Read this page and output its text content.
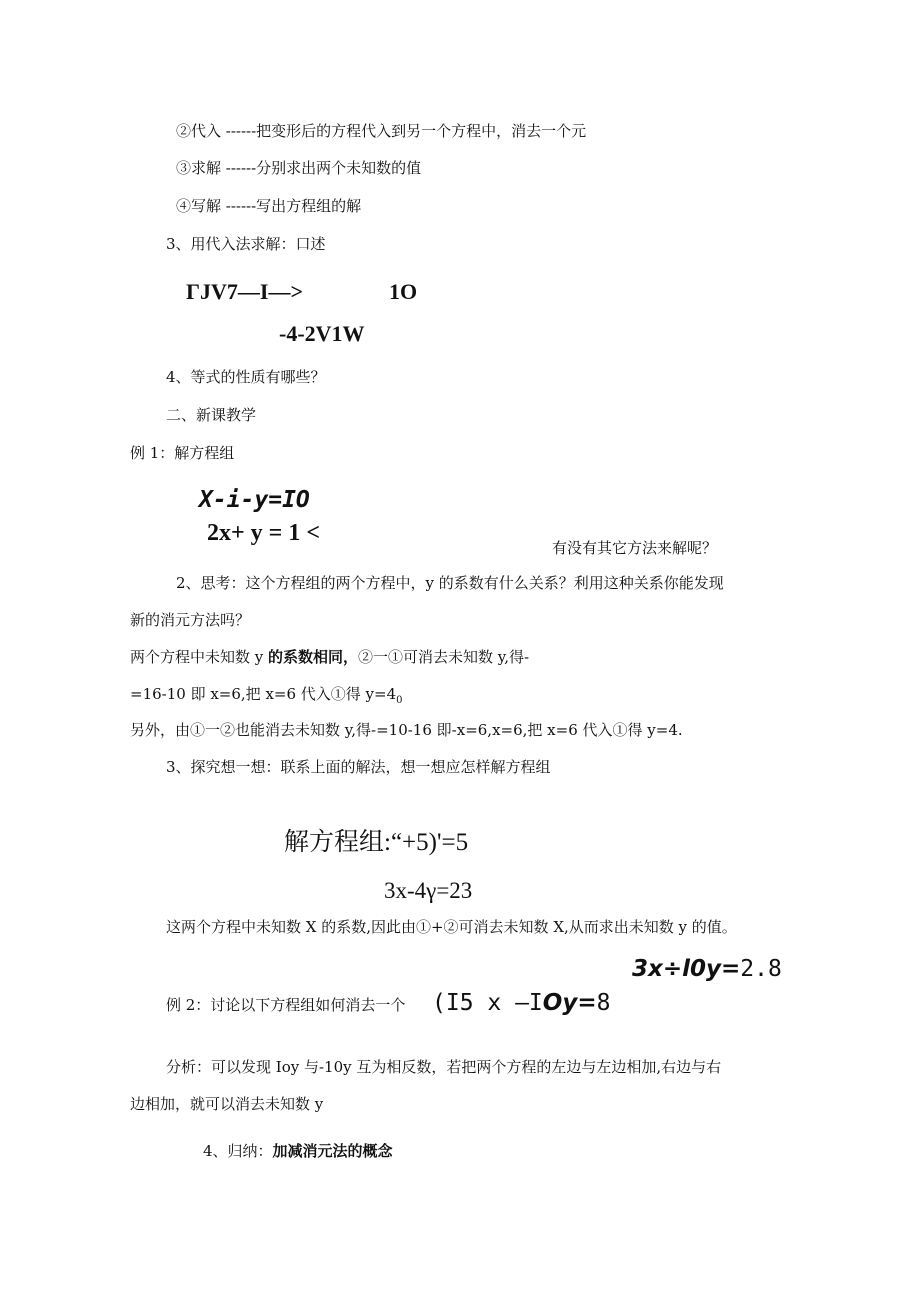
②代入 ------把变形后的方程代入到另一个方程中，消去一个元
③求解 ------分别求出两个未知数的值
④写解 ------写出方程组的解
3、用代入法求解：口述
ΓJV7—I—>	1O
-4-2V1W
4、等式的性质有哪些？
二、新课教学
例 1：解方程组
X-i-y=IO
2x+ y = 1 <
有没有其它方法来解呢？
2、思考：这个方程组的两个方程中，y 的系数有什么关系？利用这种关系你能发现
新的消元方法吗？
两个方程中未知数 y 的系数相同，②一①可消去未知数 y,得-
=16-10 即 x=6,把 x=6 代入①得 $y=4_0$
另外，由①一②也能消去未知数 y,得-=10-16 即-x=6,x=6,把 x=6 代入①得 y=4.
3、探究想一想：联系上面的解法，想一想应怎样解方程组
解方程组:“+5)'=5
3x-4γ=23
这两个方程中未知数 X 的系数,因此由①+②可消去未知数 X,从而求出未知数 y 的值。
3x÷l0y=2.8
例 2：讨论以下方程组如何消去一个 (I5 x —IOy=8
分析：可以发现 Ioy 与-10y 互为相反数，若把两个方程的左边与左边相加,右边与右
边相加，就可以消去未知数 y
4、归纳：加减消元法的概念
